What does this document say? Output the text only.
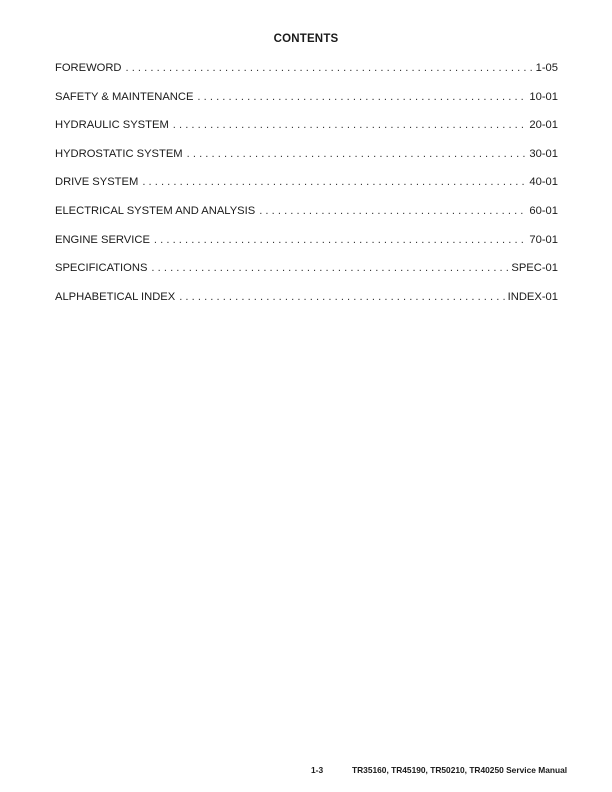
CONTENTS
FOREWORD . . .	1-05
SAFETY & MAINTENANCE . . .	10-01
HYDRAULIC SYSTEM . . .	20-01
HYDROSTATIC SYSTEM . . .	30-01
DRIVE SYSTEM . . .	40-01
ELECTRICAL SYSTEM AND ANALYSIS . . .	60-01
ENGINE SERVICE . . .	70-01
SPECIFICATIONS . . .	SPEC-01
ALPHABETICAL INDEX . . .	INDEX-01
1-3	TR35160, TR45190, TR50210, TR40250 Service Manual
